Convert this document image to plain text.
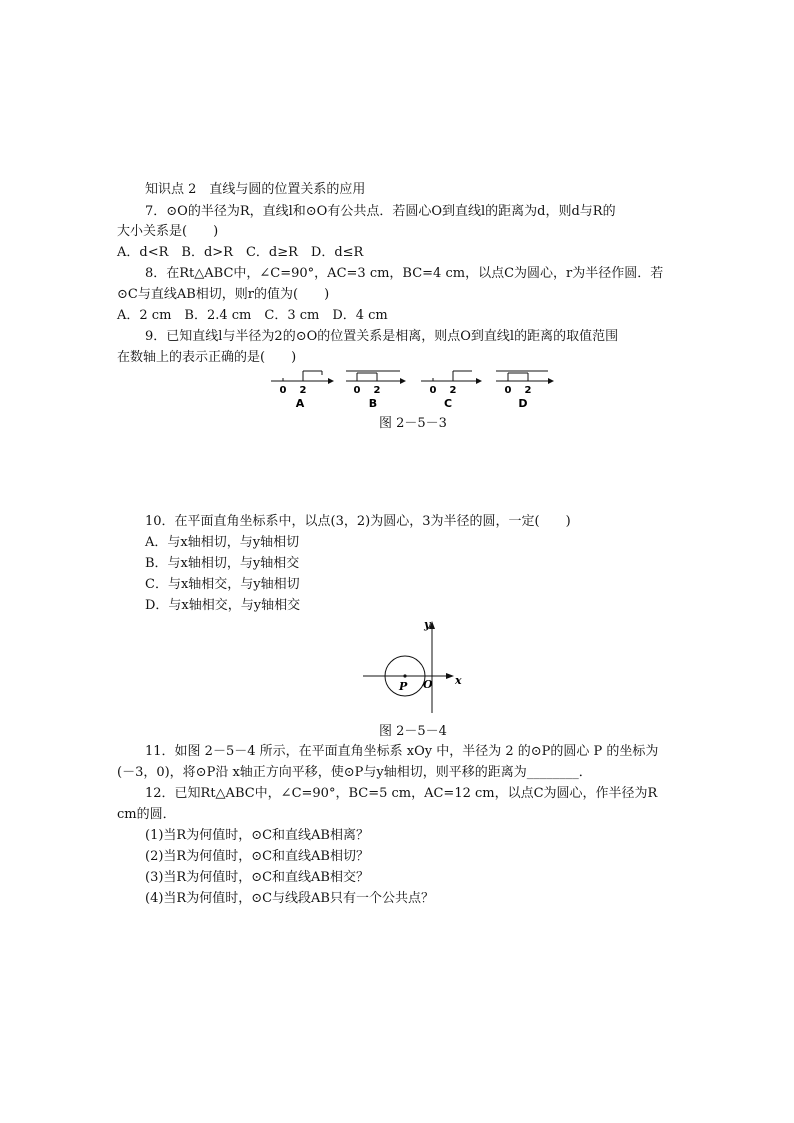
知识点 2　直线与圆的位置关系的应用
7．⊙O的半径为R，直线l和⊙O有公共点．若圆心O到直线l的距离为d，则d与R的
大小关系是(　　)
A．d<R　B．d>R　C．d≥R　D．d≤R
8．在Rt△ABC中，∠C=90°，AC=3 cm，BC=4 cm，以点C为圆心，r为半径作圆．若
⊙C与直线AB相切，则r的值为(　　)
A．2 cm　B．2.4 cm　C．3 cm　D．4 cm
9．已知直线l与半径为2的⊙O的位置关系是相离，则点O到直线l的距离的取值范围
在数轴上的表示正确的是(　　)
0 2
A
0 2
B
0 2
C
0 2
D
图 2－5－3
10．在平面直角坐标系中，以点(3，2)为圆心，3为半径的圆，一定(　　)
A．与x轴相切，与y轴相切
B．与x轴相切，与y轴相交
C．与x轴相交，与y轴相切
D．与x轴相交，与y轴相交
y
x
O
P
图 2－5－4
11．如图 2－5－4 所示，在平面直角坐标系 xOy 中，半径为 2 的⊙P的圆心 P 的坐标为
(－3，0)，将⊙P沿 x轴正方向平移，使⊙P与y轴相切，则平移的距离为________．
12．已知Rt△ABC中，∠C=90°，BC=5 cm，AC=12 cm，以点C为圆心，作半径为R
cm的圆．
(1)当R为何值时，⊙C和直线AB相离？
(2)当R为何值时，⊙C和直线AB相切？
(3)当R为何值时，⊙C和直线AB相交？
(4)当R为何值时，⊙C与线段AB只有一个公共点？
